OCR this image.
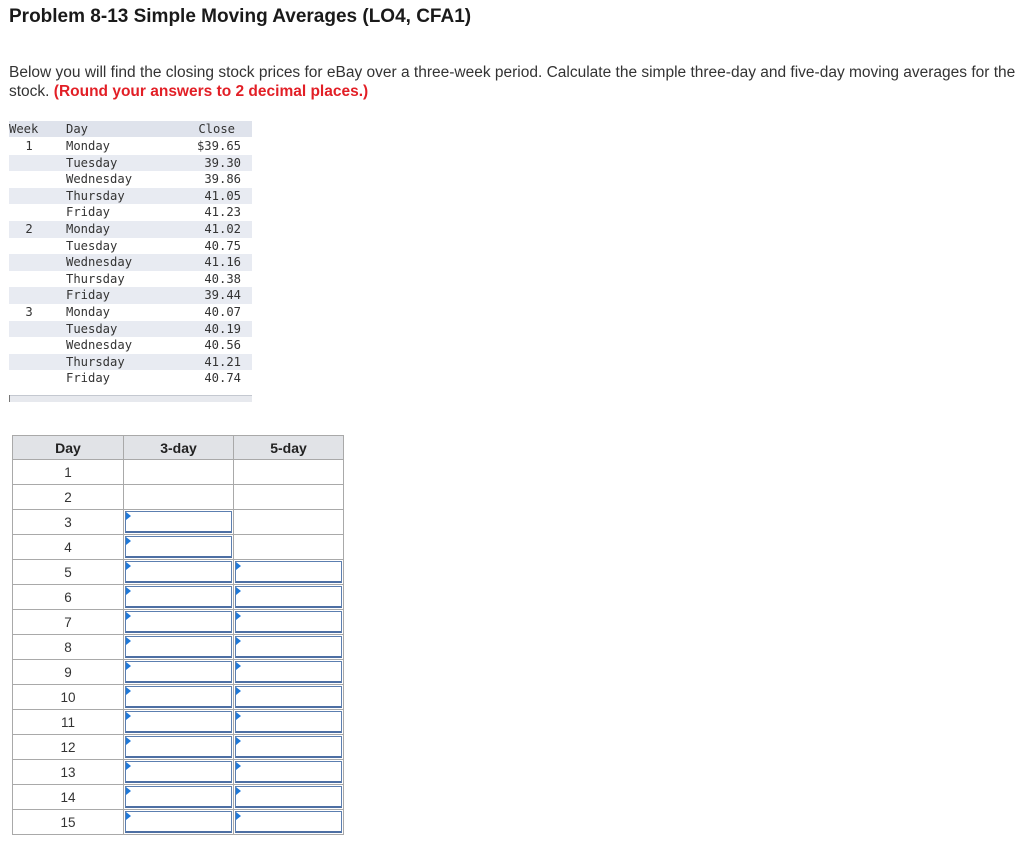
Problem 8-13 Simple Moving Averages (LO4, CFA1)
Below you will find the closing stock prices for eBay over a three-week period. Calculate the simple three-day and five-day moving averages for the stock. (Round your answers to 2 decimal places.)
Week Day	Close
1	Monday	$39.65
Tuesday	39.30
Wednesday	39.86
Thursday	41.05
Friday	41.23
2	Monday	41.02
Tuesday	40.75
Wednesday	41.16
Thursday	40.38
Friday	39.44
3	Monday	40.07
Tuesday	40.19
Wednesday	40.56
Thursday	41.21
Friday	40.74
Day	3-day	5-day
1		
2		
3	

4	

5	

6	

7	

8	

9	

10	

11	

12	

13	

14	

15	
